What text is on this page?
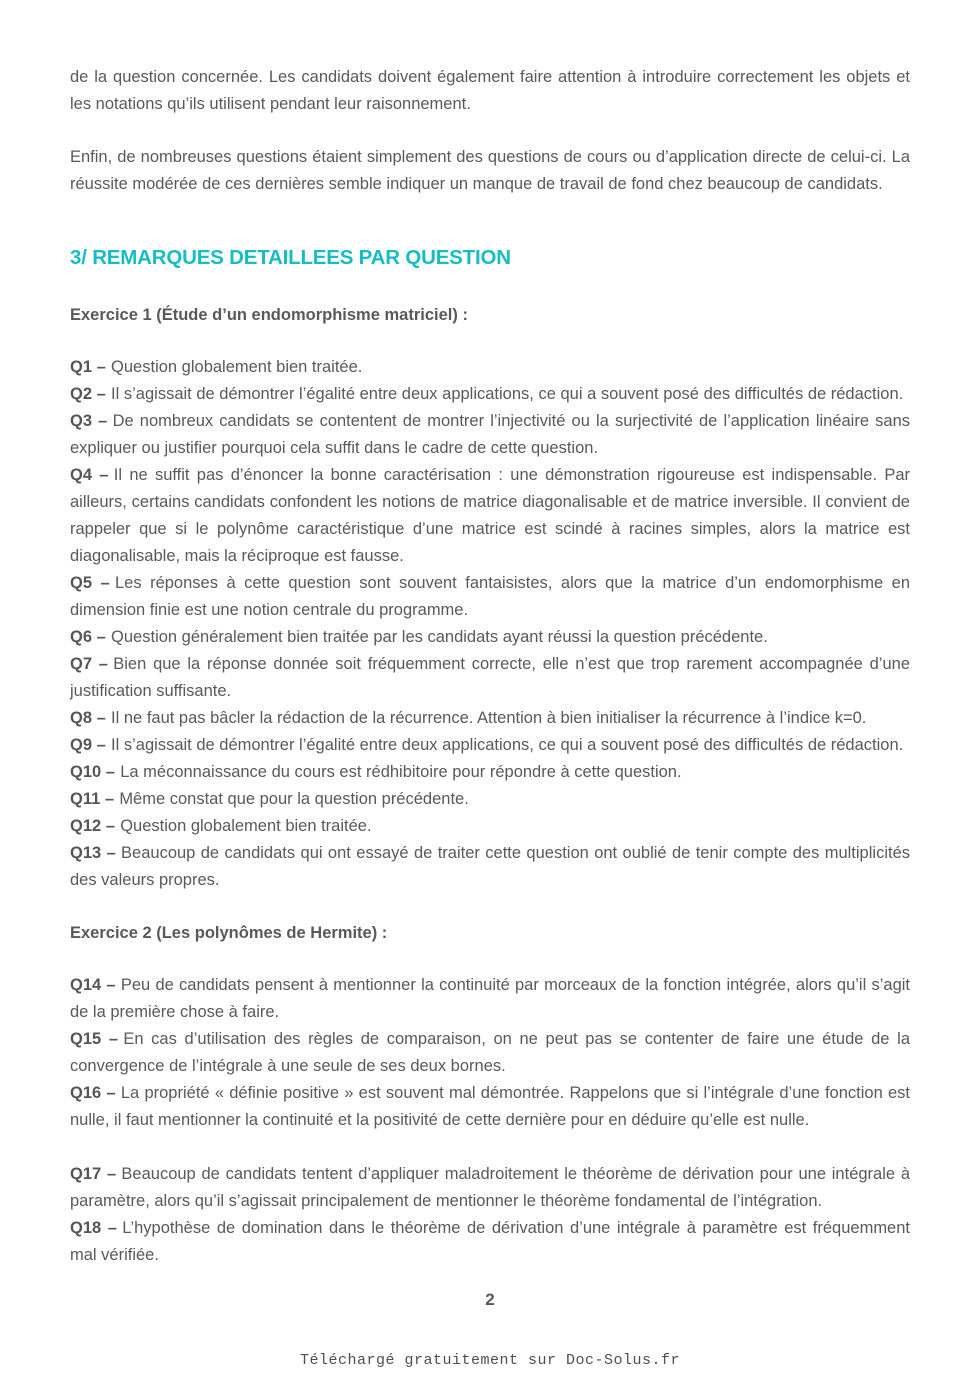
de la question concernée. Les candidats doivent également faire attention à introduire correctement les objets et les notations qu’ils utilisent pendant leur raisonnement.

Enfin, de nombreuses questions étaient simplement des questions de cours ou d’application directe de celui-ci. La réussite modérée de ces dernières semble indiquer un manque de travail de fond chez beaucoup de candidats.

3/ REMARQUES DETAILLEES PAR QUESTION

Exercice 1 (Étude d’un endomorphisme matriciel) :

Q1 – Question globalement bien traitée.

Q2 – Il s’agissait de démontrer l’égalité entre deux applications, ce qui a souvent posé des difficultés de rédaction.

Q3 – De nombreux candidats se contentent de montrer l’injectivité ou la surjectivité de l’application linéaire sans expliquer ou justifier pourquoi cela suffit dans le cadre de cette question.

Q4 – Il ne suffit pas d’énoncer la bonne caractérisation : une démonstration rigoureuse est indispensable. Par ailleurs, certains candidats confondent les notions de matrice diagonalisable et de matrice inversible. Il convient de rappeler que si le polynôme caractéristique d’une matrice est scindé à racines simples, alors la matrice est diagonalisable, mais la réciproque est fausse.

Q5 – Les réponses à cette question sont souvent fantaisistes, alors que la matrice d’un endomorphisme en dimension finie est une notion centrale du programme.

Q6 – Question généralement bien traitée par les candidats ayant réussi la question précédente.

Q7 – Bien que la réponse donnée soit fréquemment correcte, elle n’est que trop rarement accompagnée d’une justification suffisante.

Q8 – Il ne faut pas bâcler la rédaction de la récurrence. Attention à bien initialiser la récurrence à l’indice k=0.

Q9 – Il s’agissait de démontrer l’égalité entre deux applications, ce qui a souvent posé des difficultés de rédaction.

Q10 – La méconnaissance du cours est rédhibitoire pour répondre à cette question.

Q11 – Même constat que pour la question précédente.

Q12 – Question globalement bien traitée.

Q13 – Beaucoup de candidats qui ont essayé de traiter cette question ont oublié de tenir compte des multiplicités des valeurs propres.

Exercice 2 (Les polynômes de Hermite) :

Q14 – Peu de candidats pensent à mentionner la continuité par morceaux de la fonction intégrée, alors qu’il s’agit de la première chose à faire.

Q15 – En cas d’utilisation des règles de comparaison, on ne peut pas se contenter de faire une étude de la convergence de l’intégrale à une seule de ses deux bornes.

Q16 – La propriété « définie positive » est souvent mal démontrée. Rappelons que si l’intégrale d’une fonction est nulle, il faut mentionner la continuité et la positivité de cette dernière pour en déduire qu’elle est nulle.

Q17 – Beaucoup de candidats tentent d’appliquer maladroitement le théorème de dérivation pour une intégrale à paramètre, alors qu’il s’agissait principalement de mentionner le théorème fondamental de l’intégration.

Q18 – L’hypothèse de domination dans le théorème de dérivation d’une intégrale à paramètre est fréquemment mal vérifiée.

2
Téléchargé gratuitement sur Doc-Solus.fr
